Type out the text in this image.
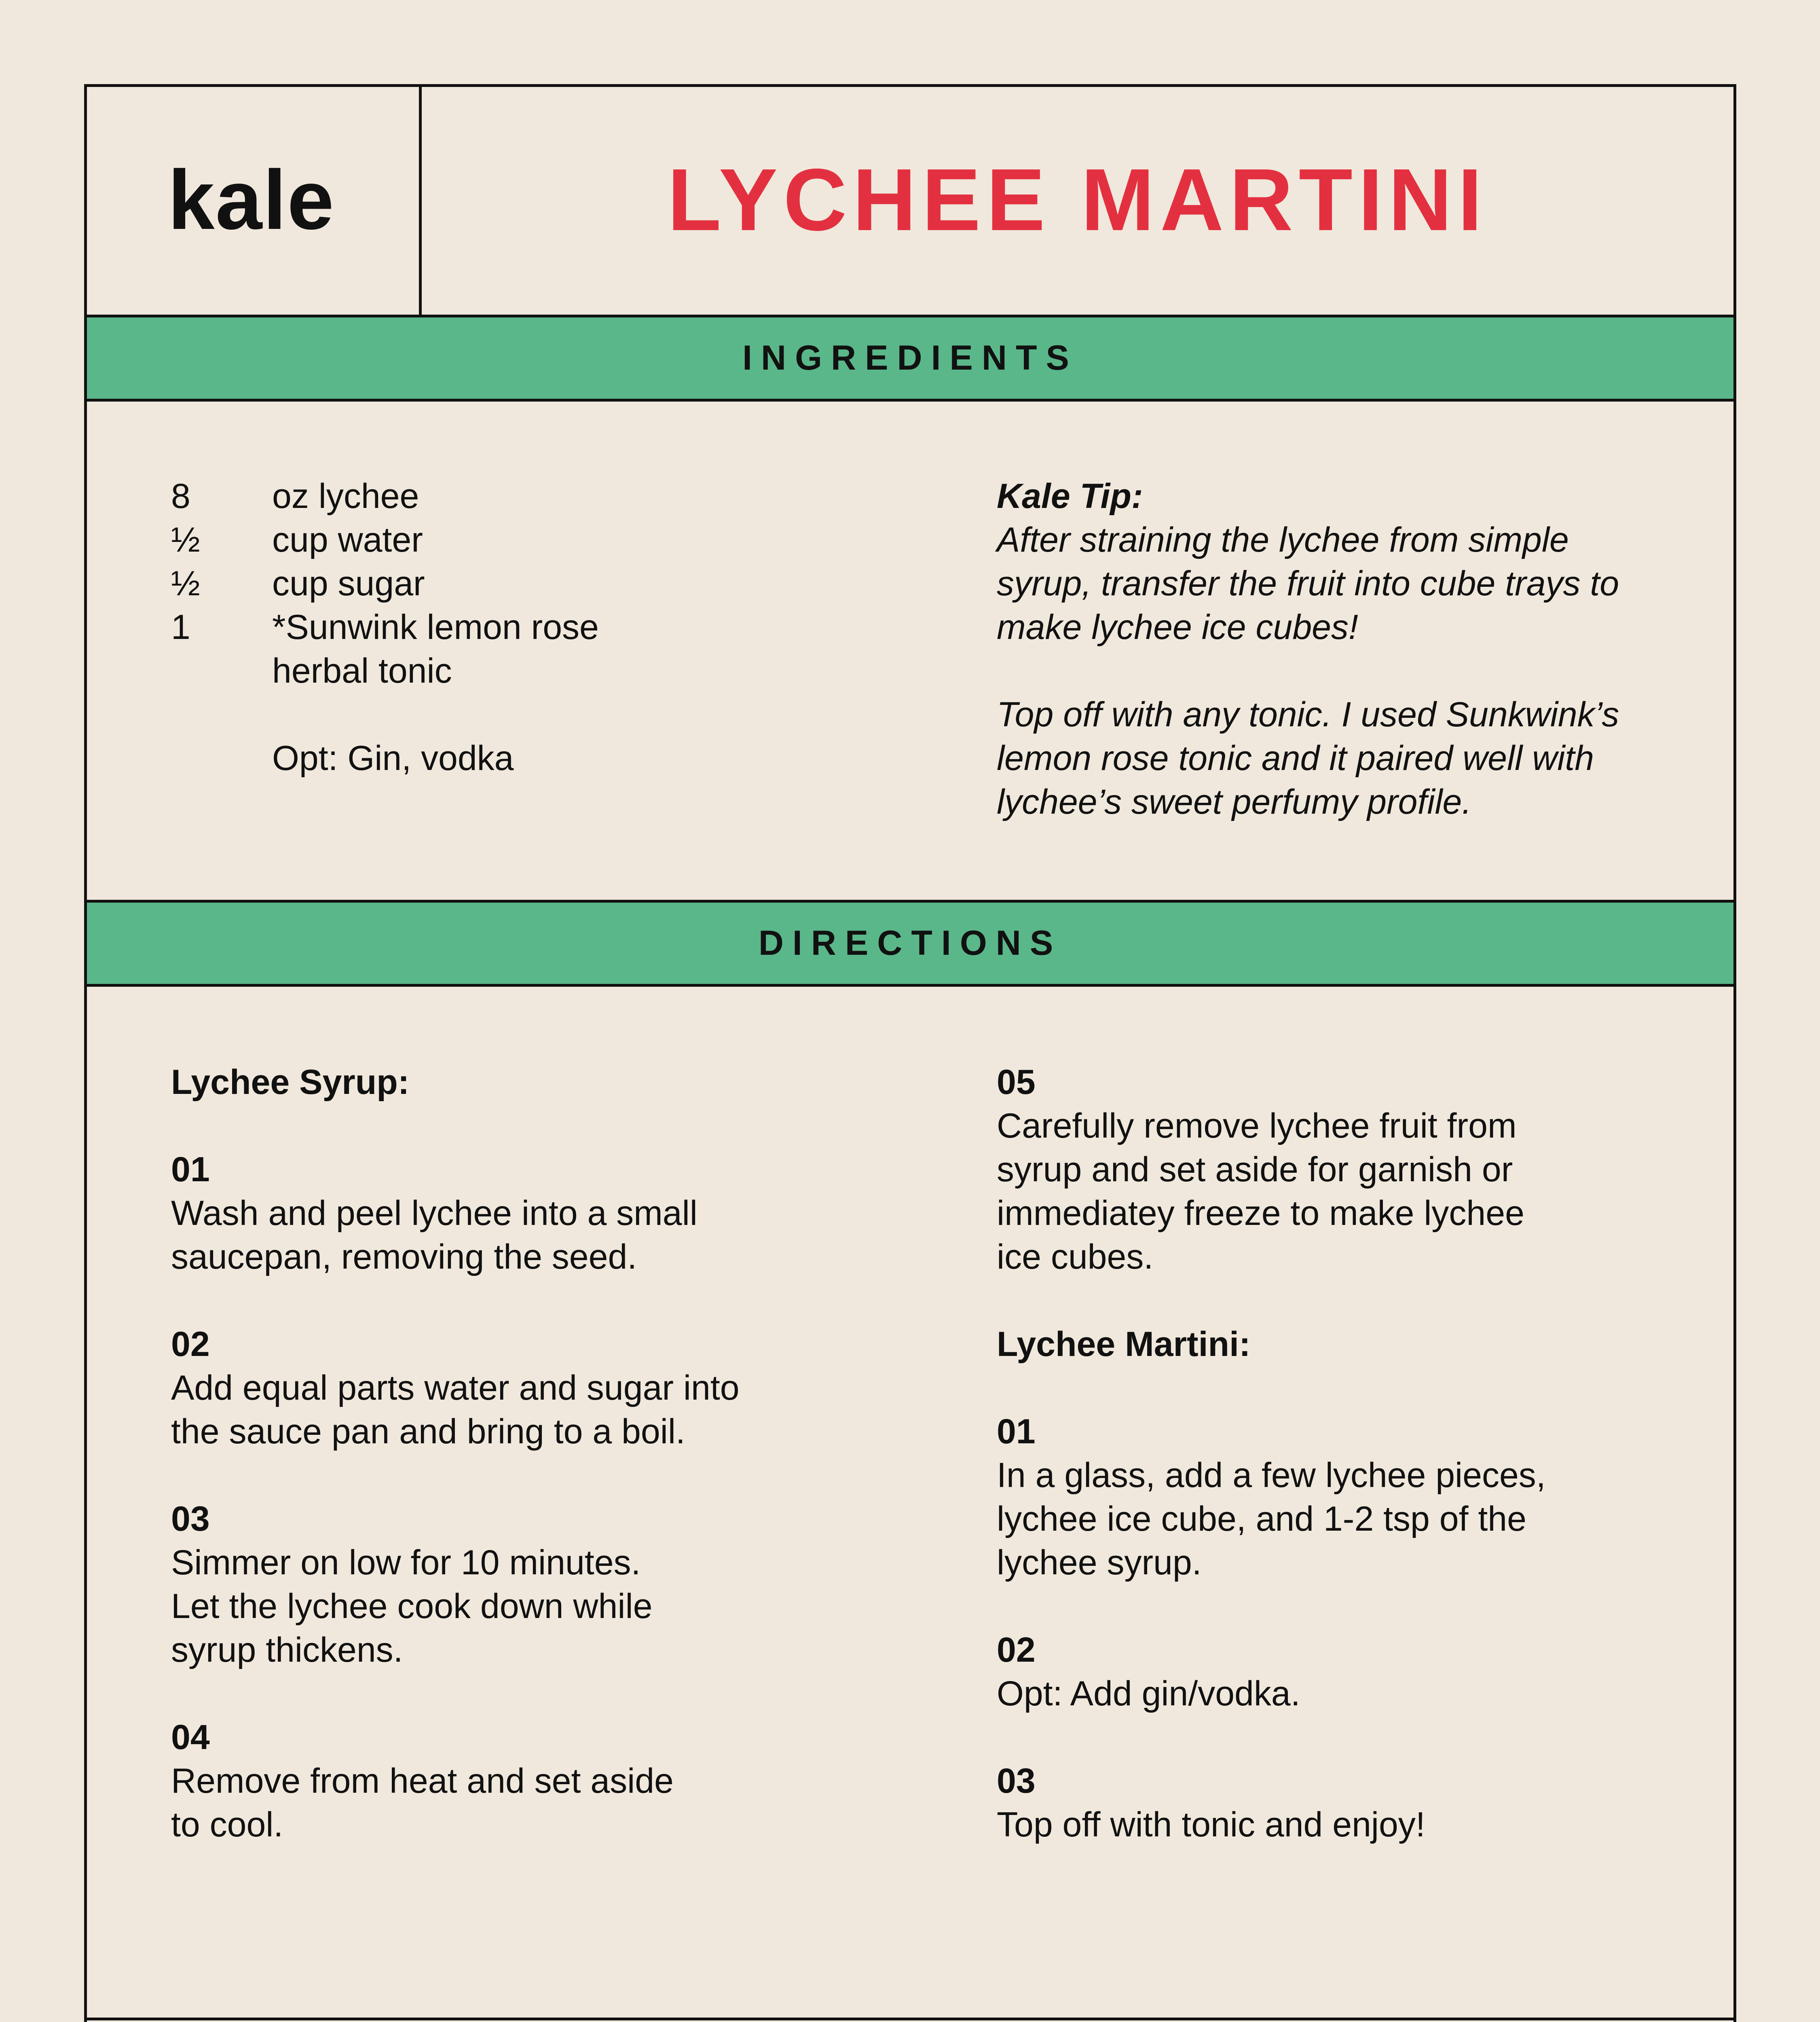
kale	LYCHEE MARTINI
INGREDIENTS
8	oz lychee
½	cup water
½	cup sugar
1	*Sunwink lemon rose
herbal tonic
Opt: Gin, vodka
Kale Tip:
After straining the lychee from simple
syrup, transfer the fruit into cube trays to
make lychee ice cubes!
Top off with any tonic. I used Sunkwink’s
lemon rose tonic and it paired well with
lychee’s sweet perfumy profile.
DIRECTIONS
Lychee Syrup:
01
Wash and peel lychee into a small
saucepan, removing the seed.
02
Add equal parts water and sugar into
the sauce pan and bring to a boil.
03
Simmer on low for 10 minutes.
Let the lychee cook down while
syrup thickens.
04
Remove from heat and set aside
to cool.
05
Carefully remove lychee fruit from
syrup and set aside for garnish or
immediatey freeze to make lychee
ice cubes.
Lychee Martini:
01
In a glass, add a few lychee pieces,
lychee ice cube, and 1-2 tsp of the
lychee syrup.
02
Opt: Add gin/vodka.
03
Top off with tonic and enjoy!
